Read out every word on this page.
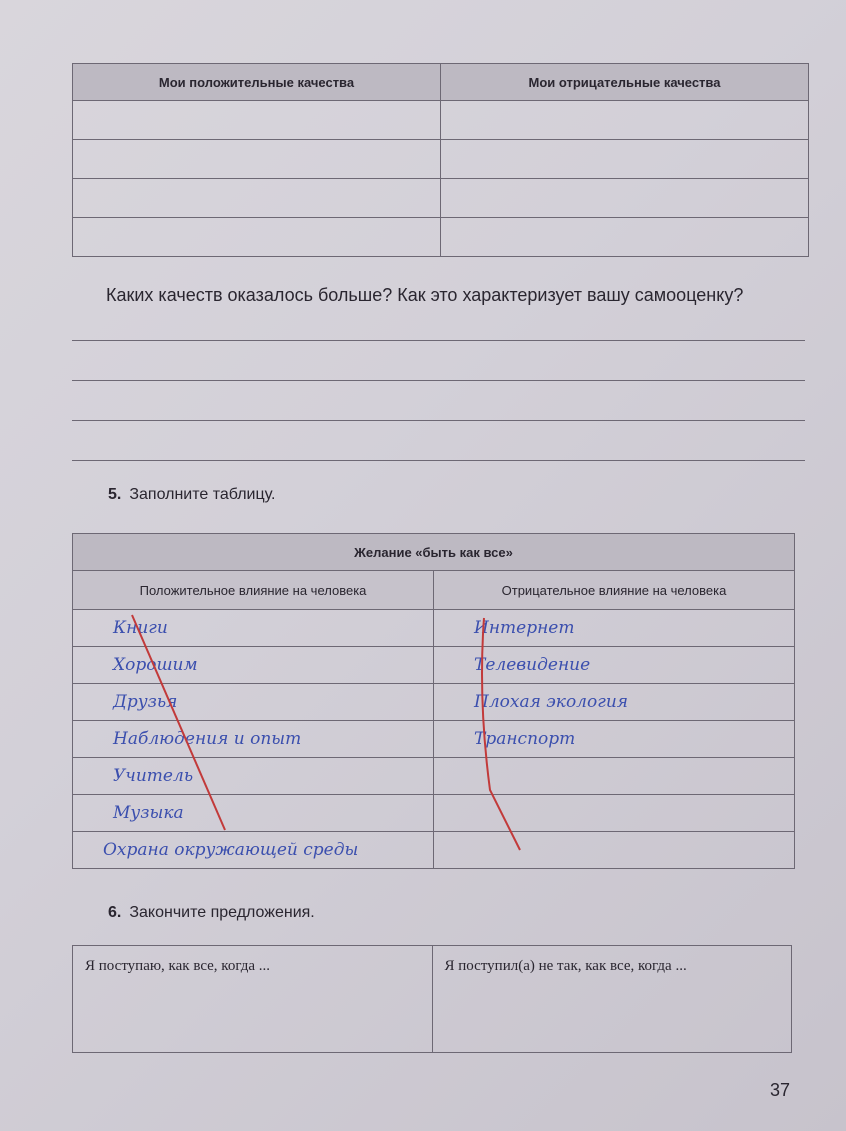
Мои положительные качества	Мои отрицательные качества

Каких качеств оказалось больше? Как это характеризует вашу самооценку?
5. Заполните таблицу.
Желание «быть как все»	
Положительное влияние на человека	Отрицательное влияние на человека
Книги	Интернет
Хорошим	Телевидение
Друзья	Плохая экология
Наблюдения и опыт	Транспорт
Учитель	
Музыка	
Охрана окружающей среды	
6. Закончите предложения.
Я поступаю, как все, когда ...	Я поступил(а) не так, как все, когда ...
37
